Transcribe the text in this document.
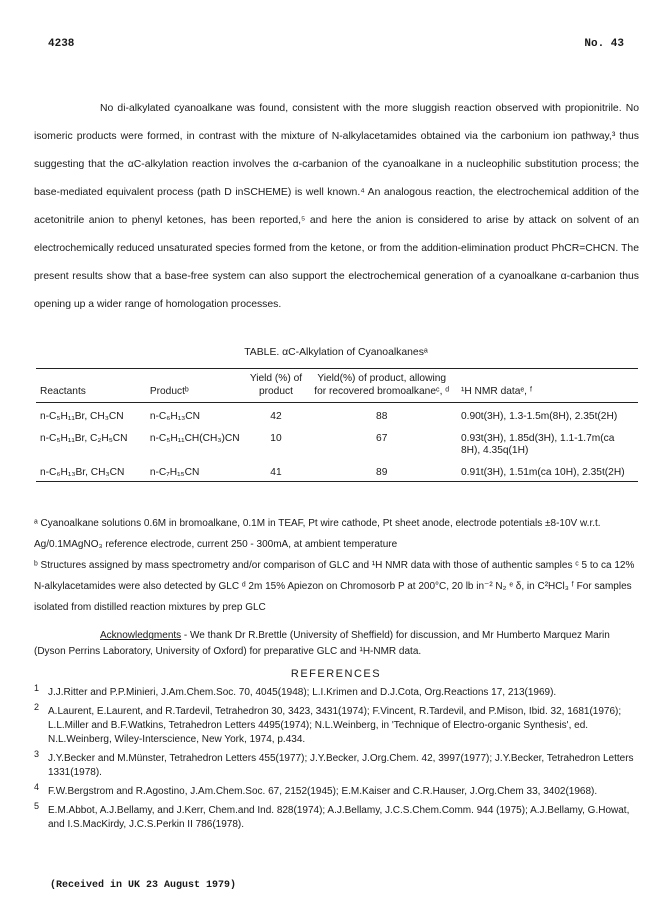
4238	No. 43

No di-alkylated cyanoalkane was found, consistent with the more sluggish reaction observed with propionitrile. No isomeric products were formed, in contrast with the mixture of N-alkylacetamides obtained via the carbonium ion pathway,³ thus suggesting that the αC-alkylation reaction involves the α-carbanion of the cyanoalkane in a nucleophilic substitution process; the base-mediated equivalent process (path D inSCHEME) is well known.⁴ An analogous reaction, the electrochemical addition of the acetonitrile anion to phenyl ketones, has been reported,⁵ and here the anion is considered to arise by attack on solvent of an electrochemically reduced unsaturated species formed from the ketone, or from the addition-elimination product PhCR=CHCN. The present results show that a base-free system can also support the electrochemical generation of a cyanoalkane α-carbanion thus opening up a wider range of homologation processes.

TABLE. αC-Alkylation of Cyanoalkanesᵃ
Reactants	Productᵇ	Yield (%) of product	Yield(%) of product, allowing for recovered bromoalkaneᶜ, ᵈ	¹H NMR dataᵉ, ᶠ
n-C₅H₁₁Br, CH₃CN	n-C₆H₁₃CN	42	88	0.90t(3H), 1.3-1.5m(8H), 2.35t(2H)
n-C₅H₁₁Br, C₂H₅CN	n-C₅H₁₁CH(CH₃)CN	10	67	0.93t(3H), 1.85d(3H), 1.1-1.7m(ca 8H), 4.35q(1H)
n-C₆H₁₃Br, CH₃CN	n-C₇H₁₅CN	41	89	0.91t(3H), 1.51m(ca 10H), 2.35t(2H)

ᵃ Cyanoalkane solutions 0.6M in bromoalkane, 0.1M in TEAF, Pt wire cathode, Pt sheet anode, electrode potentials ±8-10V w.r.t. Ag/0.1MAgNO₃ reference electrode, current 250 - 300mA, at ambient temperature

ᵇ Structures assigned by mass spectrometry and/or comparison of GLC and ¹H NMR data with those of authentic samples ᶜ 5 to ca 12% N-alkylacetamides were also detected by GLC ᵈ 2m 15% Apiezon on Chromosorb P at 200°C, 20 lb in⁻² N₂ ᵉ δ, in C²HCl₃ ᶠ For samples isolated from distilled reaction mixtures by prep GLC

Acknowledgments - We thank Dr R.Brettle (University of Sheffield) for discussion, and Mr Humberto Marquez Marin (Dyson Perrins Laboratory, University of Oxford) for preparative GLC and ¹H-NMR data.
REFERENCES
1 J.J.Ritter and P.P.Minieri, J.Am.Chem.Soc. 70, 4045(1948); L.I.Krimen and D.J.Cota, Org.Reactions 17, 213(1969).
2 A.Laurent, E.Laurent, and R.Tardevil, Tetrahedron 30, 3423, 3431(1974); F.Vincent, R.Tardevil, and P.Mison, Ibid. 32, 1681(1976); L.L.Miller and B.F.Watkins, Tetrahedron Letters 4495(1974); N.L.Weinberg, in 'Technique of Electro-organic Synthesis', ed. N.L.Weinberg, Wiley-Interscience, New York, 1974, p.434.
3 J.Y.Becker and M.Münster, Tetrahedron Letters 455(1977); J.Y.Becker, J.Org.Chem. 42, 3997(1977); J.Y.Becker, Tetrahedron Letters 1331(1978).
4 F.W.Bergstrom and R.Agostino, J.Am.Chem.Soc. 67, 2152(1945); E.M.Kaiser and C.R.Hauser, J.Org.Chem 33, 3402(1968).
5 E.M.Abbot, A.J.Bellamy, and J.Kerr, Chem.and Ind. 828(1974); A.J.Bellamy, J.C.S.Chem.Comm. 944 (1975); A.J.Bellamy, G.Howat, and I.S.MacKirdy, J.C.S.Perkin II 786(1978).
(Received in UK 23 August 1979)
